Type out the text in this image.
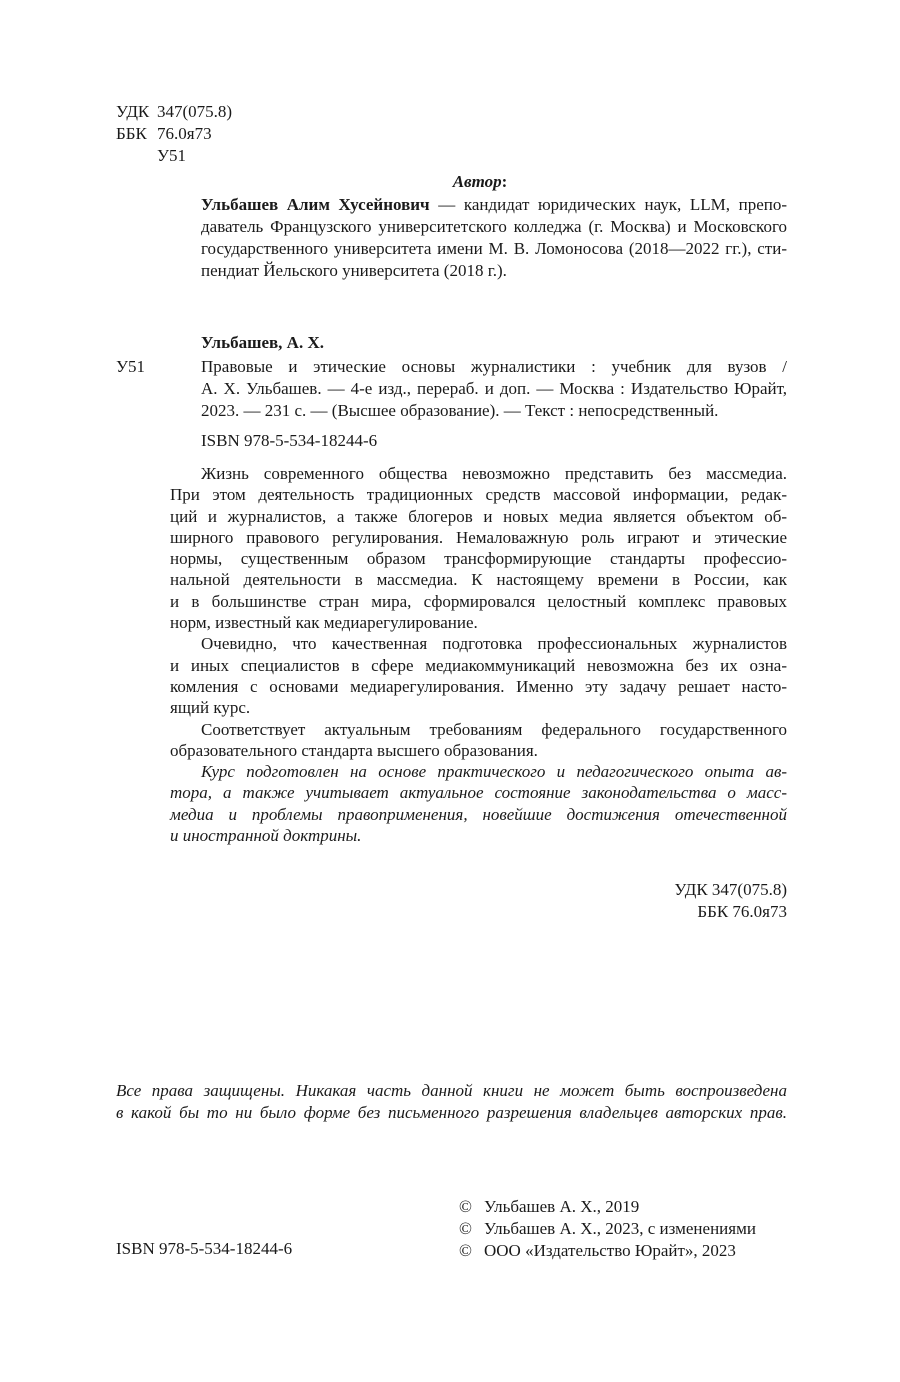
УДК 347(075.8)
ББК 76.0я73
У51
Автор:
Ульбашев Алим Хусейнович — кандидат юридических наук, LLM, препо-
даватель Французского университетского колледжа (г. Москва) и Московского
государственного университета имени М. В. Ломоносова (2018—2022 гг.), сти-
пендиат Йельского университета (2018 г.).
Ульбашев, А. Х.
У51	Правовые и этические основы журналистики : учебник для вузов /
А. Х. Ульбашев. — 4-е изд., перераб. и доп. — Москва : Издательство Юрайт,
2023. — 231 с. — (Высшее образование). — Текст : непосредственный.
ISBN 978-5-534-18244-6

Жизнь современного общества невозможно представить без массмедиа.
При этом деятельность традиционных средств массовой информации, редак-
ций и журналистов, а также блогеров и новых медиа является объектом об-
ширного правового регулирования. Немаловажную роль играют и этические
нормы, существенным образом трансформирующие стандарты профессио-
нальной деятельности в массмедиа. К настоящему времени в России, как
и в большинстве стран мира, сформировался целостный комплекс правовых
норм, известный как медиарегулирование.

Очевидно, что качественная подготовка профессиональных журналистов
и иных специалистов в сфере медиакоммуникаций невозможна без их озна-
комления с основами медиарегулирования. Именно эту задачу решает насто-
ящий курс.

Соответствует актуальным требованиям федерального государственного
образовательного стандарта высшего образования.

Курс подготовлен на основе практического и педагогического опыта ав-
тора, а также учитывает актуальное состояние законодательства о масс-
медиа и проблемы правоприменения, новейшие достижения отечественной
и иностранной доктрины.

УДК 347(075.8)
ББК 76.0я73
Все права защищены. Никакая часть данной книги не может быть воспроизведена
в какой бы то ни было форме без письменного разрешения владельцев авторских прав.
ISBN 978-5-534-18244-6
© Ульбашев А. Х., 2019
© Ульбашев А. Х., 2023, с изменениями
© ООО «Издательство Юрайт», 2023
